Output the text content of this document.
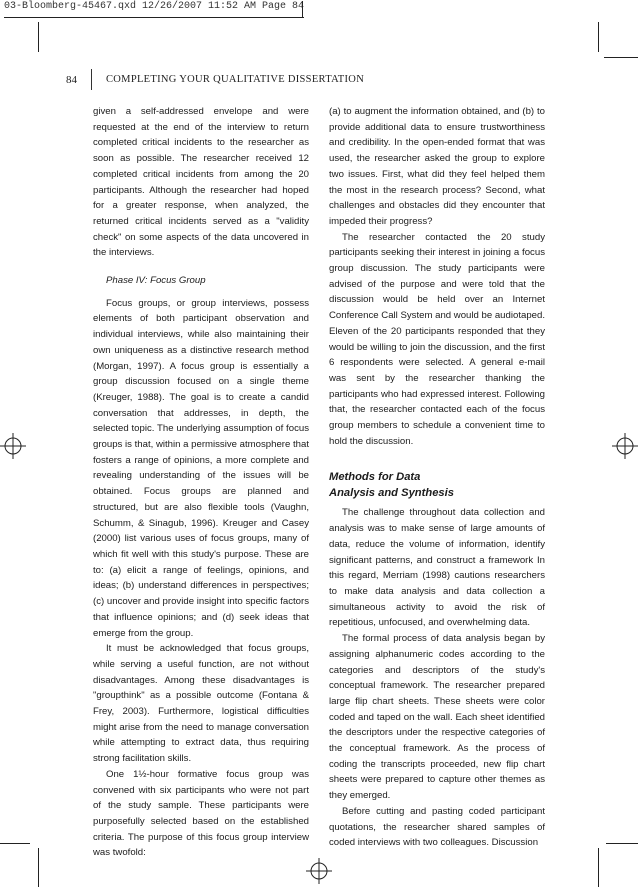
03-Bloomberg-45467.qxd 12/26/2007 11:52 AM Page 84
84	COMPLETING YOUR QUALITATIVE DISSERTATION

given a self-addressed envelope and were requested at the end of the interview to return completed critical incidents to the researcher as soon as possible. The researcher received 12 completed critical incidents from among the 20 participants. Although the researcher had hoped for a greater response, when analyzed, the returned critical incidents served as a "validity check" on some aspects of the data uncovered in the interviews.

Phase IV: Focus Group

Focus groups, or group interviews, possess elements of both participant observation and individual interviews, while also maintaining their own uniqueness as a distinctive research method (Morgan, 1997). A focus group is essentially a group discussion focused on a single theme (Kreuger, 1988). The goal is to create a candid conversation that addresses, in depth, the selected topic. The underlying assumption of focus groups is that, within a permissive atmosphere that fosters a range of opinions, a more complete and revealing understanding of the issues will be obtained. Focus groups are planned and structured, but are also flexible tools (Vaughn, Schumm, & Sinagub, 1996). Kreuger and Casey (2000) list various uses of focus groups, many of which fit well with this study's purpose. These are to: (a) elicit a range of feelings, opinions, and ideas; (b) understand differences in perspectives; (c) uncover and provide insight into specific factors that influence opinions; and (d) seek ideas that emerge from the group.

It must be acknowledged that focus groups, while serving a useful function, are not without disadvantages. Among these disadvantages is "groupthink" as a possible outcome (Fontana & Frey, 2003). Furthermore, logistical difficulties might arise from the need to manage conversation while attempting to extract data, thus requiring strong facilitation skills.

One 1½-hour formative focus group was convened with six participants who were not part of the study sample. These participants were purposefully selected based on the established criteria. The purpose of this focus group interview was twofold:

(a) to augment the information obtained, and (b) to provide additional data to ensure trustworthiness and credibility. In the open-ended format that was used, the researcher asked the group to explore two issues. First, what did they feel helped them the most in the research process? Second, what challenges and obstacles did they encounter that impeded their progress?

The researcher contacted the 20 study participants seeking their interest in joining a focus group discussion. The study participants were advised of the purpose and were told that the discussion would be held over an Internet Conference Call System and would be audiotaped. Eleven of the 20 participants responded that they would be willing to join the discussion, and the first 6 respondents were selected. A general e-mail was sent by the researcher thanking the participants who had expressed interest. Following that, the researcher contacted each of the focus group members to schedule a convenient time to hold the discussion.

Methods for Data
Analysis and Synthesis

The challenge throughout data collection and analysis was to make sense of large amounts of data, reduce the volume of information, identify significant patterns, and construct a framework In this regard, Merriam (1998) cautions researchers to make data analysis and data collection a simultaneous activity to avoid the risk of repetitious, unfocused, and overwhelming data.

The formal process of data analysis began by assigning alphanumeric codes according to the categories and descriptors of the study's conceptual framework. The researcher prepared large flip chart sheets. These sheets were color coded and taped on the wall. Each sheet identified the descriptors under the respective categories of the conceptual framework. As the process of coding the transcripts proceeded, new flip chart sheets were prepared to capture other themes as they emerged.

Before cutting and pasting coded participant quotations, the researcher shared samples of coded interviews with two colleagues. Discussion
